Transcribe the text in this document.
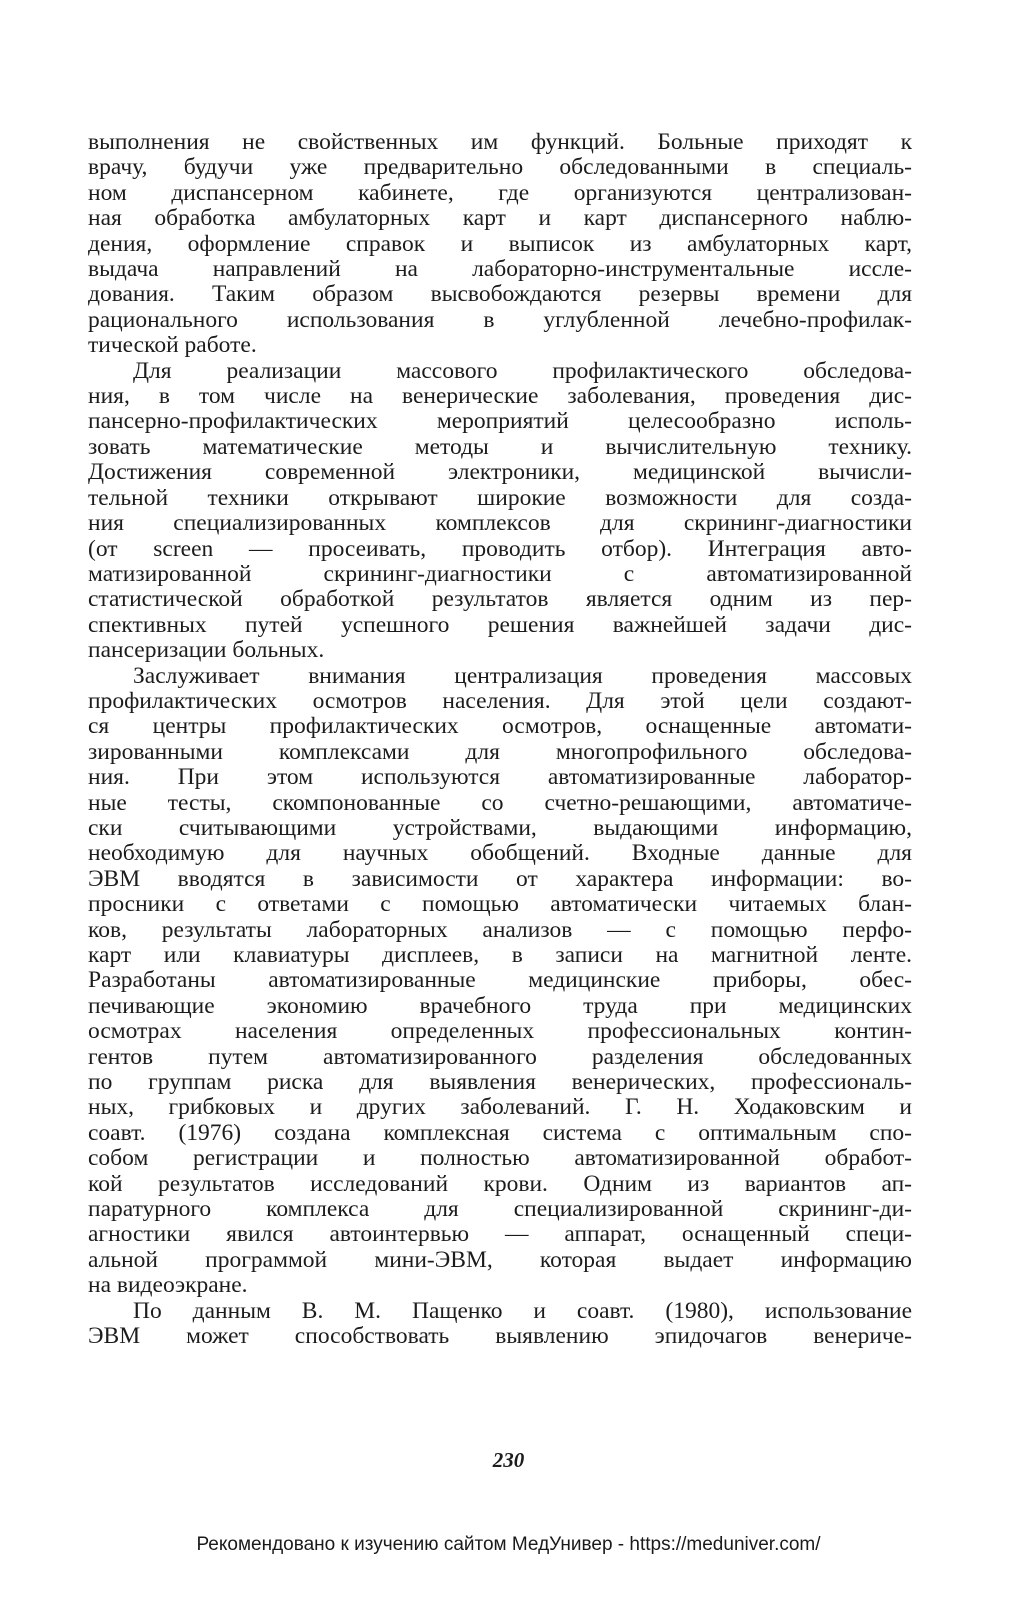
выполнения не свойственных им функций. Больные приходят к
врачу, будучи уже предварительно обследованными в специаль-
ном диспансерном кабинете, где организуются централизован-
ная обработка амбулаторных карт и карт диспансерного наблю-
дения, оформление справок и выписок из амбулаторных карт,
выдача направлений на лабораторно-инструментальные иссле-
дования. Таким образом высвобождаются резервы времени для
рационального использования в углубленной лечебно-профилак-
тической работе.

Для реализации массового профилактического обследова-
ния, в том числе на венерические заболевания, проведения дис-
пансерно-профилактических мероприятий целесообразно исполь-
зовать математические методы и вычислительную технику.
Достижения современной электроники, медицинской вычисли-
тельной техники открывают широкие возможности для созда-
ния специализированных комплексов для скрининг-диагностики
(от screen — просеивать, проводить отбор). Интеграция авто-
матизированной скрининг-диагностики с автоматизированной
статистической обработкой результатов является одним из пер-
спективных путей успешного решения важнейшей задачи дис-
пансеризации больных.

Заслуживает внимания централизация проведения массовых
профилактических осмотров населения. Для этой цели создают-
ся центры профилактических осмотров, оснащенные автомати-
зированными комплексами для многопрофильного обследова-
ния. При этом используются автоматизированные лаборатор-
ные тесты, скомпонованные со счетно-решающими, автоматиче-
ски считывающими устройствами, выдающими информацию,
необходимую для научных обобщений. Входные данные для
ЭВМ вводятся в зависимости от характера информации: во-
просники с ответами с помощью автоматически читаемых блан-
ков, результаты лабораторных анализов — с помощью перфо-
карт или клавиатуры дисплеев, в записи на магнитной ленте.
Разработаны автоматизированные медицинские приборы, обес-
печивающие экономию врачебного труда при медицинских
осмотрах населения определенных профессиональных контин-
гентов путем автоматизированного разделения обследованных
по группам риска для выявления венерических, профессиональ-
ных, грибковых и других заболеваний. Г. Н. Ходаковским и
соавт. (1976) создана комплексная система с оптимальным спо-
собом регистрации и полностью автоматизированной обработ-
кой результатов исследований крови. Одним из вариантов ап-
паратурного комплекса для специализированной скрининг-ди-
агностики явился автоинтервью — аппарат, оснащенный специ-
альной программой мини-ЭВМ, которая выдает информацию
на видеоэкране.

По данным В. М. Пащенко и соавт. (1980), использование
ЭВМ может способствовать выявлению эпидочагов венериче-

230
Рекомендовано к изучению сайтом МедУнивер - https://meduniver.com/
